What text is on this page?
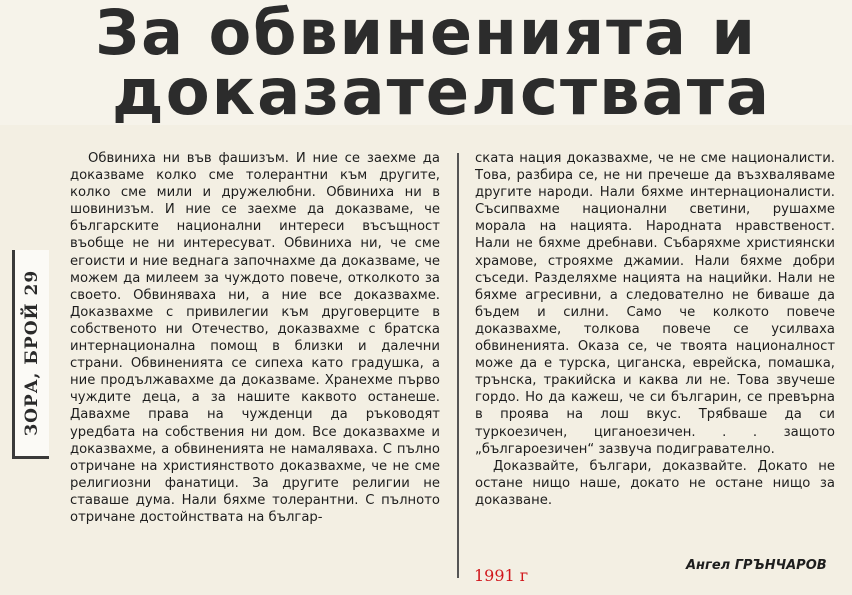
За обвиненията и
доказателствата
ЗОРА, БРОЙ 29

Обвиниха ни във фашизъм. И ние се заехме да доказваме колко сме толерантни към другите, колко сме мили и дружелюбни. Обвиниха ни в шовинизъм. И ние се заехме да доказваме, че българските национални интереси въсъщност въобще не ни интересуват. Обвиниха ни, че сме егоисти и ние веднага започнахме да доказваме, че можем да милеем за чуждото повече, отколкото за своето. Обвиняваха ни, а ние все доказвахме. Доказвахме с привилегии към друговерците в собственото ни Отечество, доказвахме с братска интернационална помощ в близки и далечни страни. Обвиненията се сипеха като градушка, а ние продължавахме да доказваме. Хранехме първо чуждите деца, а за нашите каквото останеше. Давахме права на чужденци да ръководят уредбата на собствения ни дом. Все доказвахме и доказвахме, а обвиненията не намаляваха. С пълно отричане на християнството доказвахме, че не сме религиозни фанатици. За другите религии не ставаше дума. Нали бяхме толерантни. С пълното отричане достойнствата на българ-

ската нация доказвахме, че не сме националисти. Това, разбира се, не ни пречеше да възхваляваме другите народи. Нали бяхме интернационалисти. Съсипвахме национални светини, рушахме морала на нацията. Народната нравственост. Нали не бяхме дребнави. Събаряхме християнски храмове, строяхме джамии. Нали бяхме добри съседи. Разделяхме нацията на нацийки. Нали не бяхме агресивни, а следователно не биваше да бъдем и силни. Само че колкото повече доказвахме, толкова повече се усилваха обвиненията. Оказа се, че твоята националност може да е турска, циганска, еврейска, помашка, трънска, тракийска и каква ли не. Това звучеше гордо. Но да кажеш, че си българин, се превърна в проява на лош вкус. Трябваше да си туркоезичен, циганоезичен. . . защото „българоезичен“ зазвуча подигравателно.

Доказвайте, българи, доказвайте. Докато не остане нищо наше, докато не остане нищо за доказване.

1991 г
Ангел ГРЪНЧАРОВ
